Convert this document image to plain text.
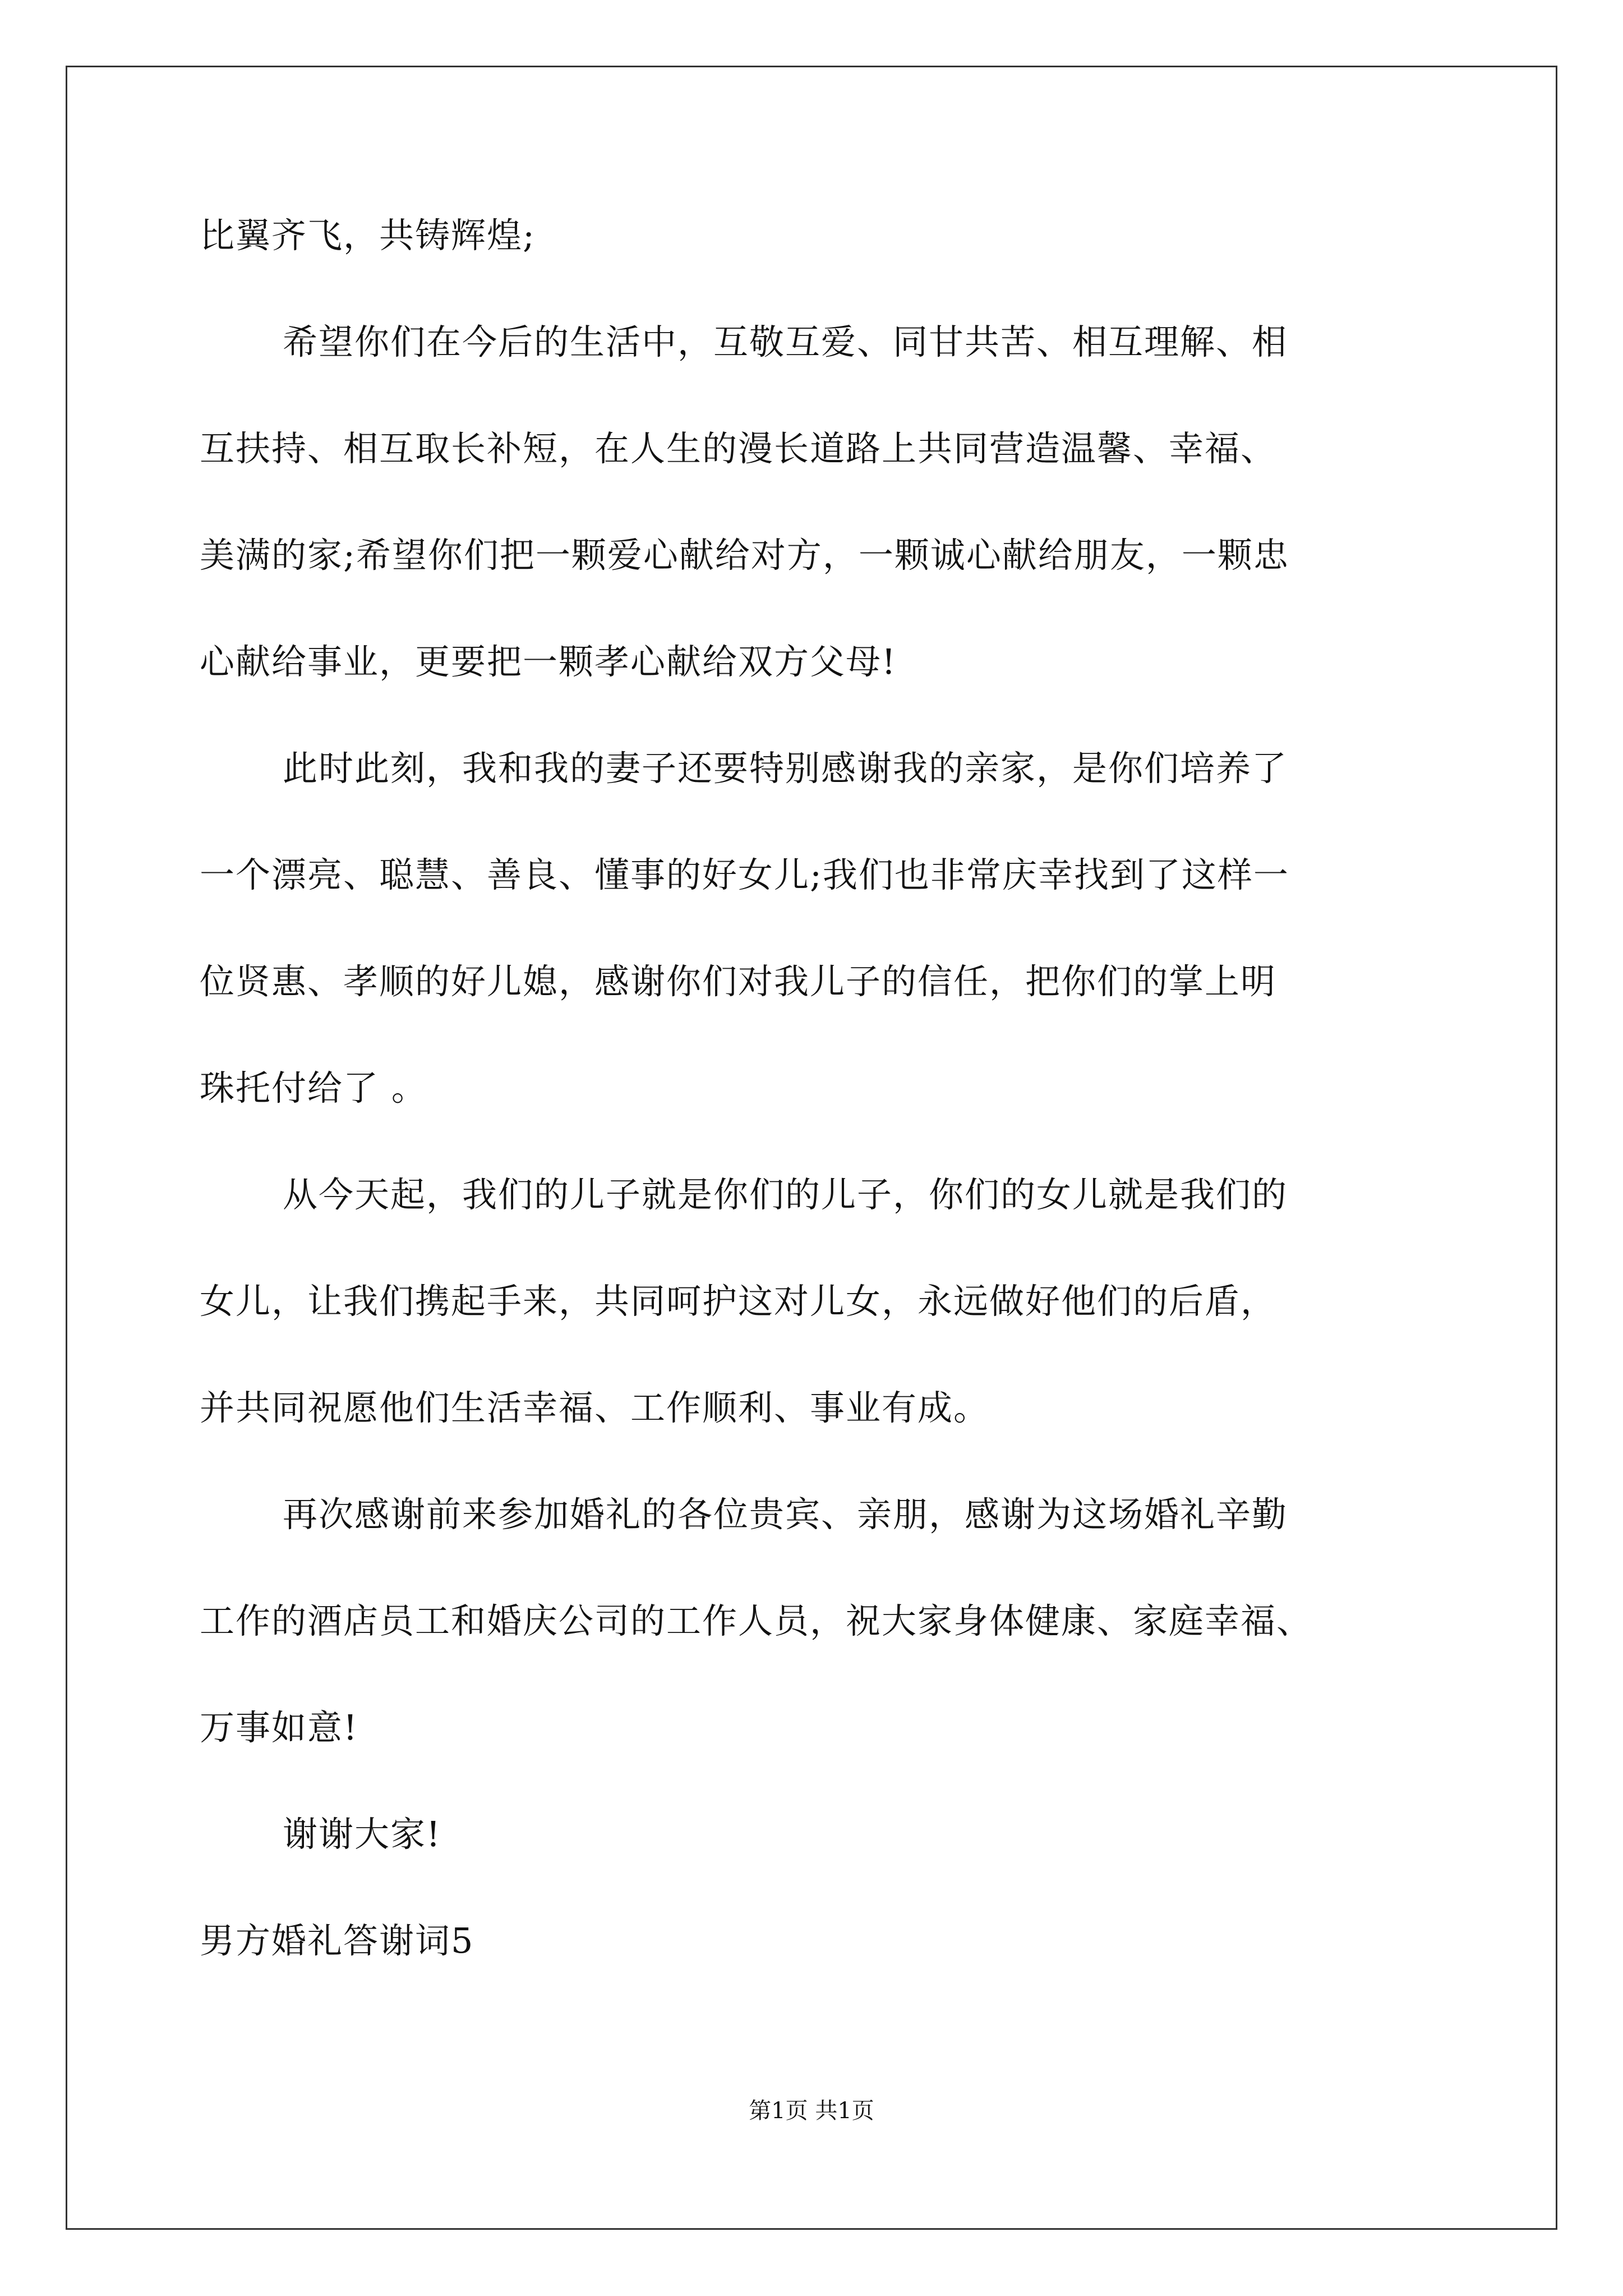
比翼齐飞，共铸辉煌;
希望你们在今后的生活中，互敬互爱、同甘共苦、相互理解、相
互扶持、相互取长补短，在人生的漫长道路上共同营造温馨、幸福、
美满的家;希望你们把一颗爱心献给对方，一颗诚心献给朋友，一颗忠
心献给事业，更要把一颗孝心献给双方父母!
此时此刻，我和我的妻子还要特别感谢我的亲家，是你们培养了
一个漂亮、聪慧、善良、懂事的好女儿;我们也非常庆幸找到了这样一
位贤惠、孝顺的好儿媳，感谢你们对我儿子的信任，把你们的掌上明
珠托付给了 。
从今天起，我们的儿子就是你们的儿子，你们的女儿就是我们的
女儿，让我们携起手来，共同呵护这对儿女，永远做好他们的后盾，
并共同祝愿他们生活幸福、工作顺利、事业有成。
再次感谢前来参加婚礼的各位贵宾、亲朋，感谢为这场婚礼辛勤
工作的酒店员工和婚庆公司的工作人员，祝大家身体健康、家庭幸福、
万事如意!
谢谢大家!
男方婚礼答谢词5
第1页 共1页
